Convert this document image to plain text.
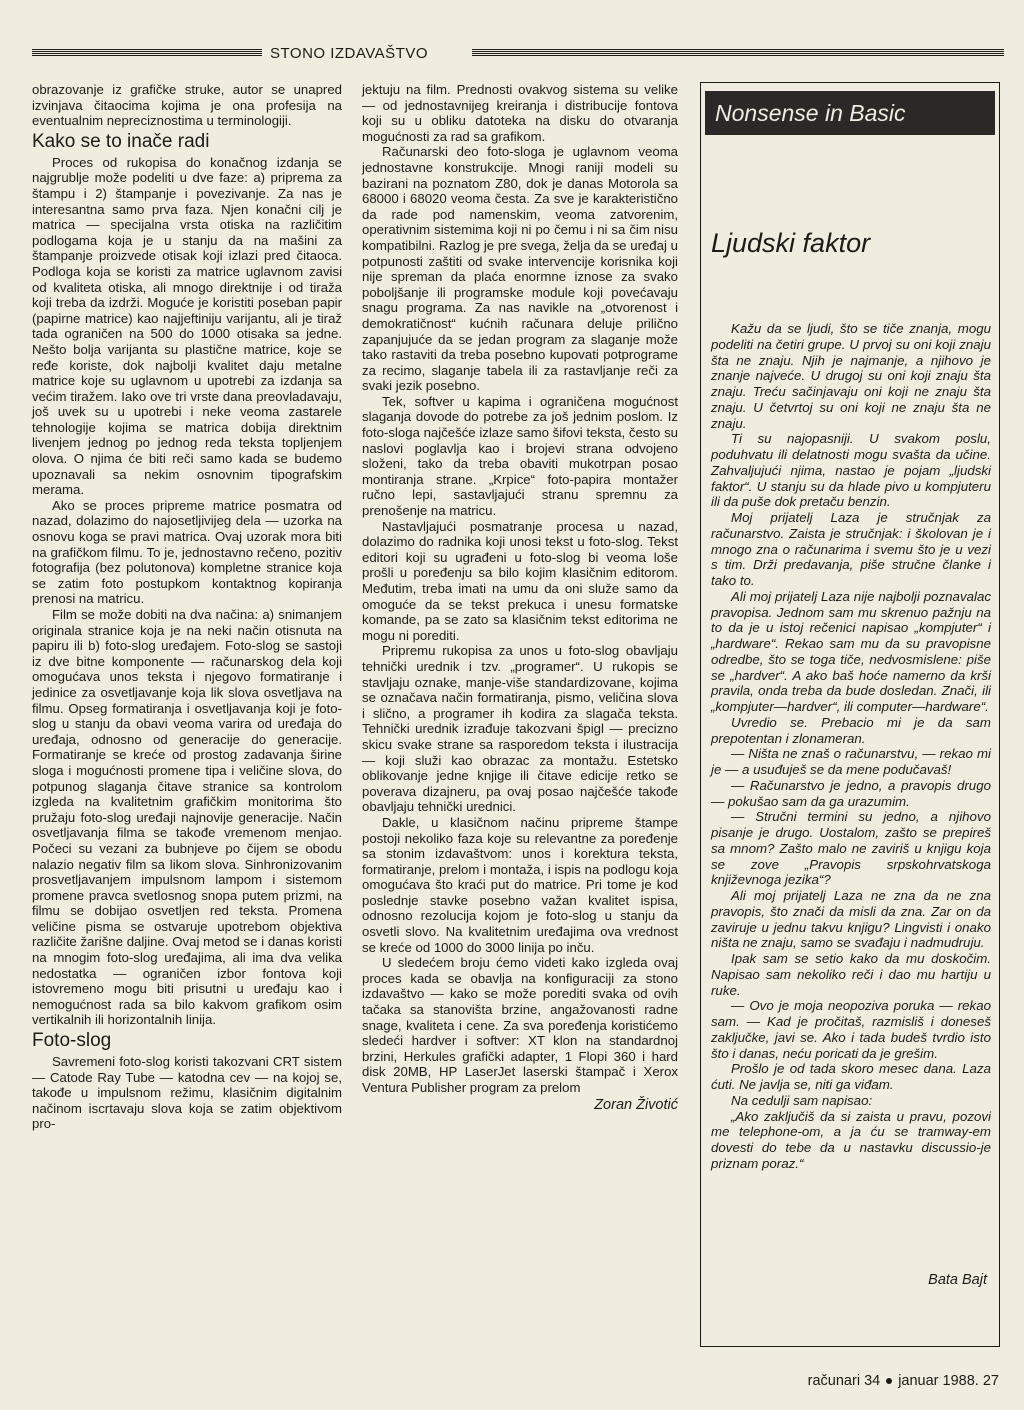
STONO IZDAVAŠTVO

obrazovanje iz grafičke struke, autor se unapred izvinjava čitaocima kojima je ona profesija na eventualnim nepreciznostima u terminologiji.

Kako se to inače radi

Proces od rukopisa do konačnog izdanja se najgrublje može podeliti u dve faze: a) priprema za štampu i 2) štampanje i povezivanje. Za nas je interesantna samo prva faza. Njen konačni cilj je matrica — specijalna vrsta otiska na različitim podlogama koja je u stanju da na mašini za štampanje proizvede otisak koji izlazi pred čitaoca. Podloga koja se koristi za matrice uglavnom zavisi od kvaliteta otiska, ali mnogo direktnije i od tiraža koji treba da izdrži. Moguće je koristiti poseban papir (papirne matrice) kao najjeftiniju varijantu, ali je tiraž tada ograničen na 500 do 1000 otisaka sa jedne. Nešto bolja varijanta su plastične matrice, koje se ređe koriste, dok najbolji kvalitet daju metalne matrice koje su uglavnom u upotrebi za izdanja sa većim tiražem. Iako ove tri vrste dana preovladavaju, još uvek su u upotrebi i neke veoma zastarele tehnologije kojima se matrica dobija direktnim livenjem jednog po jednog reda teksta topljenjem olova. O njima će biti reči samo kada se budemo upoznavali sa nekim osnovnim tipografskim merama.

Ako se proces pripreme matrice posmatra od nazad, dolazimo do najosetljivijeg dela — uzorka na osnovu koga se pravi matrica. Ovaj uzorak mora biti na grafičkom filmu. To je, jednostavno rečeno, pozitiv fotografija (bez polutonova) kompletne stranice koja se zatim foto postupkom kontaktnog kopiranja prenosi na matricu.

Film se može dobiti na dva načina: a) snimanjem originala stranice koja je na neki način otisnuta na papiru ili b) foto-slog uređajem. Foto-slog se sastoji iz dve bitne komponente — računarskog dela koji omogućava unos teksta i njegovo formatiranje i jedinice za osvetljavanje koja lik slova osvetljava na filmu. Opseg formatiranja i osvetljavanja koji je foto-slog u stanju da obavi veoma varira od uređaja do uređaja, odnosno od generacije do generacije. Formatiranje se kreće od prostog zadavanja širine sloga i mogućnosti promene tipa i veličine slova, do potpunog slaganja čitave stranice sa kontrolom izgleda na kvalitetnim grafičkim monitorima što pružaju foto-slog uređaji najnovije generacije. Način osvetljavanja filma se takođe vremenom menjao. Počeci su vezani za bubnjeve po čijem se obodu nalazio negativ film sa likom slova. Sinhronizovanim prosvetljavanjem impulsnom lampom i sistemom promene pravca svetlosnog snopa putem prizmi, na filmu se dobijao osvetljen red teksta. Promena veličine pisma se ostvaruje upotrebom objektiva različite žarišne daljine. Ovaj metod se i danas koristi na mnogim foto-slog uređajima, ali ima dva velika nedostatka — ograničen izbor fontova koji istovremeno mogu biti prisutni u uređaju kao i nemogućnost rada sa bilo kakvom grafikom osim vertikalnih ili horizontalnih linija.

Foto-slog

Savremeni foto-slog koristi takozvani CRT sistem — Catode Ray Tube — katodna cev — na kojoj se, takođe u impulsnom režimu, klasičnim digitalnim načinom iscrtavaju slova koja se zatim objektivom pro-

jektuju na film. Prednosti ovakvog sistema su velike — od jednostavnijeg kreiranja i distribucije fontova koji su u obliku datoteka na disku do otvaranja mogućnosti za rad sa grafikom.

Računarski deo foto-sloga je uglavnom veoma jednostavne konstrukcije. Mnogi raniji modeli su bazirani na poznatom Z80, dok je danas Motorola sa 68000 i 68020 veoma česta. Za sve je karakteristično da rade pod namenskim, veoma zatvorenim, operativnim sistemima koji ni po čemu i ni sa čim nisu kompatibilni. Razlog je pre svega, želja da se uređaj u potpunosti zaštiti od svake intervencije korisnika koji nije spreman da plaća enormne iznose za svako poboljšanje ili programske module koji povećavaju snagu programa. Za nas navikle na „otvorenost i demokratičnost“ kućnih računara deluje prilično zapanjujuće da se jedan program za slaganje može tako rastaviti da treba posebno kupovati potprograme za recimo, slaganje tabela ili za rastavljanje reči za svaki jezik posebno.

Tek, softver u kapima i ograničena mogućnost slaganja dovode do potrebe za još jednim poslom. Iz foto-sloga najčešće izlaze samo šifovi teksta, često su naslovi poglavlja kao i brojevi strana odvojeno složeni, tako da treba obaviti mukotrpan posao montiranja strane. „Krpice“ foto-papira montažer ručno lepi, sastavljajući stranu spremnu za prenošenje na matricu.

Nastavljajući posmatranje procesa u nazad, dolazimo do radnika koji unosi tekst u foto-slog. Tekst editori koji su ugrađeni u foto-slog bi veoma loše prošli u poređenju sa bilo kojim klasičnim editorom. Međutim, treba imati na umu da oni služe samo da omoguće da se tekst prekuca i unesu formatske komande, pa se zato sa klasičnim tekst editorima ne mogu ni porediti.

Pripremu rukopisa za unos u foto-slog obavljaju tehnički urednik i tzv. „programer“. U rukopis se stavljaju oznake, manje-više standardizovane, kojima se označava način formatiranja, pismo, veličina slova i slično, a programer ih kodira za slagača teksta. Tehnički urednik izrađuje takozvani špigl — precizno skicu svake strane sa rasporedom teksta i ilustracija — koji služi kao obrazac za montažu. Estetsko oblikovanje jedne knjige ili čitave edicije retko se poverava dizajneru, pa ovaj posao najčešće takođe obavljaju tehnički urednici.

Dakle, u klasičnom načinu pripreme štampe postoji nekoliko faza koje su relevantne za poređenje sa stonim izdavaštvom: unos i korektura teksta, formatiranje, prelom i montaža, i ispis na podlogu koja omogućava što kraći put do matrice. Pri tome je kod poslednje stavke posebno važan kvalitet ispisa, odnosno rezolucija kojom je foto-slog u stanju da osvetli slovo. Na kvalitetnim uređajima ova vrednost se kreće od 1000 do 3000 linija po inču.

U sledećem broju ćemo videti kako izgleda ovaj proces kada se obavlja na konfiguraciji za stono izdavaštvo — kako se može porediti svaka od ovih tačaka sa stanovišta brzine, angažovanosti radne snage, kvaliteta i cene. Za sva poređenja koristićemo sledeći hardver i softver: XT klon na standardnoj brzini, Herkules grafički adapter, 1 Flopi 360 i hard disk 20MB, HP LaserJet laserski štampač i Xerox Ventura Publisher program za prelom

Zoran Životić

Nonsense in Basic
Ljudski faktor

Kažu da se ljudi, što se tiče znanja, mogu podeliti na četiri grupe. U prvoj su oni koji znaju šta ne znaju. Njih je najmanje, a njihovo je znanje najveće. U drugoj su oni koji znaju šta znaju. Treću sačinjavaju oni koji ne znaju šta znaju. U četvrtoj su oni koji ne znaju šta ne znaju.

Ti su najopasniji. U svakom poslu, poduhvatu ili delatnosti mogu svašta da učine. Zahvaljujući njima, nastao je pojam „ljudski faktor“. U stanju su da hlade pivo u kompjuteru ili da puše dok pretaču benzin.

Moj prijatelj Laza je stručnjak za računarstvo. Zaista je stručnjak: i školovan je i mnogo zna o računarima i svemu što je u vezi s tim. Drži predavanja, piše stručne članke i tako to.

Ali moj prijatelj Laza nije najbolji poznavalac pravopisa. Jednom sam mu skrenuo pažnju na to da je u istoj rečenici napisao „kompjuter“ i „hardware“. Rekao sam mu da su pravopisne odredbe, što se toga tiče, nedvosmislene: piše se „hardver“. A ako baš hoće namerno da krši pravila, onda treba da bude dosledan. Znači, ili „kompjuter—hardver“, ili computer—hardware“.

Uvredio se. Prebacio mi je da sam prepotentan i zlonameran.

— Ništa ne znaš o računarstvu, — rekao mi je — a usuđuješ se da mene podučavaš!

— Računarstvo je jedno, a pravopis drugo — pokušao sam da ga urazumim.

— Stručni termini su jedno, a njihovo pisanje je drugo. Uostalom, zašto se prepireš sa mnom? Zašto malo ne zaviriš u knjigu koja se zove „Pravopis srpskohrvatskoga književnoga jezika“?

Ali moj prijatelj Laza ne zna da ne zna pravopis, što znači da misli da zna. Zar on da zaviruje u jednu takvu knjigu? Lingvisti i onako ništa ne znaju, samo se svađaju i nadmudruju.

Ipak sam se setio kako da mu doskočim. Napisao sam nekoliko reči i dao mu hartiju u ruke.

— Ovo je moja neopoziva poruka — rekao sam. — Kad je pročitaš, razmisliš i doneseš zaključke, javi se. Ako i tada budeš tvrdio isto što i danas, neću poricati da je grešim.

Prošlo je od tada skoro mesec dana. Laza ćuti. Ne javlja se, niti ga viđam.

Na cedulji sam napisao:

„Ako zaključiš da si zaista u pravu, pozovi me telephone-om, a ja ću se tramway-em dovesti do tebe da u nastavku discussio-je priznam poraz.“

Bata Bajt
računari 34 januar 1988. 27
